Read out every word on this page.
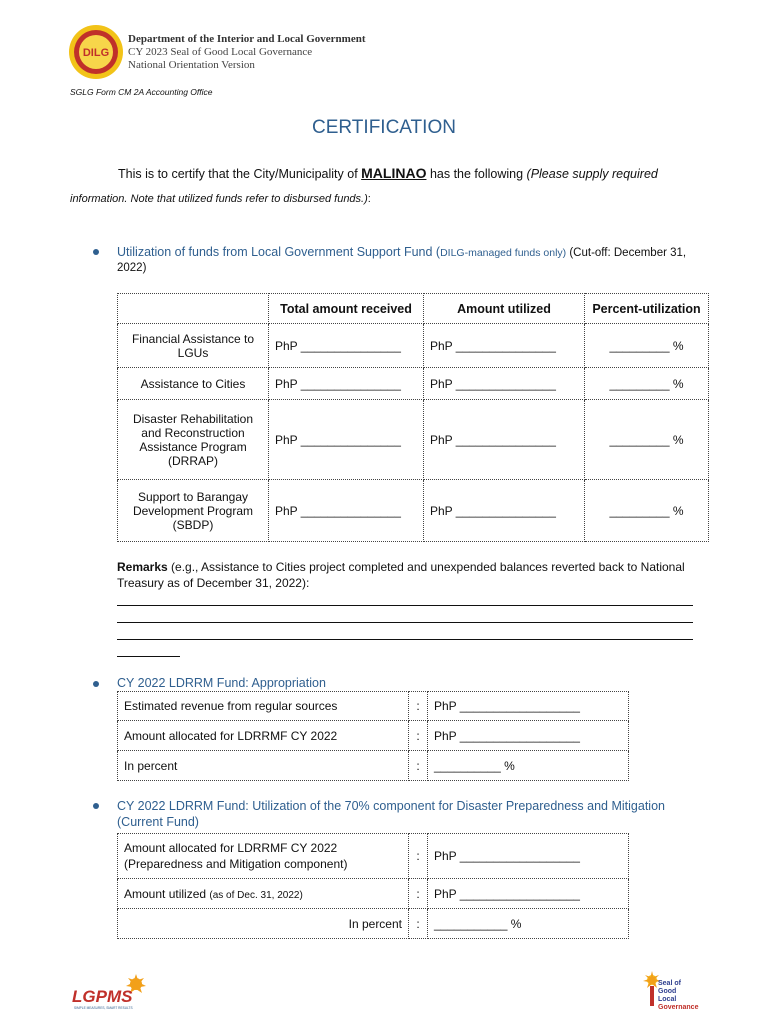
DILG
Department of the Interior and Local Government
CY 2023 Seal of Good Local Governance
National Orientation Version
SGLG Form CM 2A Accounting Office
CERTIFICATION
This is to certify that the City/Municipality of MALINAO has the following (Please supply required
information. Note that utilized funds refer to disbursed funds.):
Utilization of funds from Local Government Support Fund (DILG-managed funds only) (Cut-off: December 31,
2022)
	Total amount received	Amount utilized	Percent-utilization
Financial Assistance to LGUs	PhP _______________	PhP _______________	_________ %
Assistance to Cities	PhP _______________	PhP _______________	_________ %
Disaster Rehabilitation and Reconstruction Assistance Program (DRRAP)	PhP _______________	PhP _______________	_________ %
Support to Barangay Development Program (SBDP)	PhP _______________	PhP _______________	_________ %
Remarks (e.g., Assistance to Cities project completed and unexpended balances reverted back to National Treasury as of December 31, 2022):
CY 2022 LDRRM Fund: Appropriation
Estimated revenue from regular sources	:	PhP __________________
Amount allocated for LDRRMF CY 2022	:	PhP __________________
In percent	:	__________ %
CY 2022 LDRRM Fund: Utilization of the 70% component for Disaster Preparedness and Mitigation
(Current Fund)
Amount allocated for LDRRMF CY 2022
(Preparedness and Mitigation component)	:	PhP __________________
Amount utilized (as of Dec. 31, 2022)	:	PhP __________________
In percent	:	___________ %
LGPMS
SIMPLE MEASURES, SMART RESULTS
Seal of
Good
Local
Governance
